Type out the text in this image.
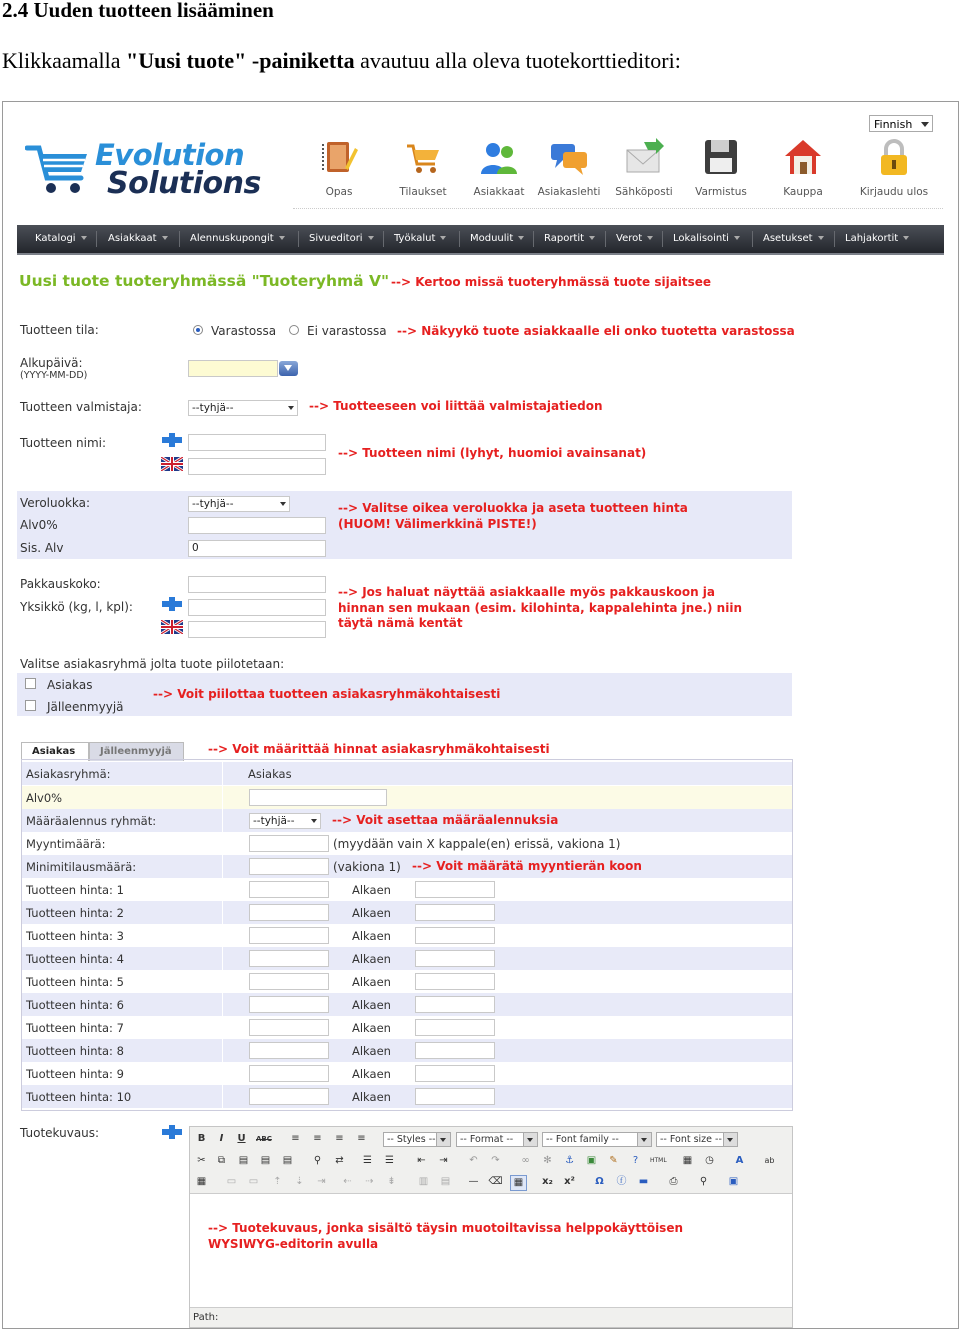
2.4 Uuden tuotteen lisääminen
Klikkaamalla "Uusi tuote" -painiketta avautuu alla oleva tuotekorttieditori:
Evolution
Solutions
Finnish
Opas	Tilaukset	Asiakkaat	Asiakaslehti	Sähköposti	Varmistus	Kauppa	Kirjaudu ulos
Katalogi	Asiakkaat	Alennuskupongit	Sivueditori	Työkalut	Moduulit	Raportit	Verot	Lokalisointi	Asetukset	Lahjakortit
Uusi tuote tuoteryhmässä "Tuoteryhmä V" --> Kertoo missä tuoteryhmässä tuote sijaitsee
Tuotteen tila:	Varastossa	Ei varastossa --> Näkyykö tuote asiakkaalle eli onko tuotetta varastossa
Alkupäivä:
(YYYY-MM-DD)
Tuotteen valmistaja:	--tyhjä--	--> Tuotteeseen voi liittää valmistajatiedon
Tuotteen nimi:
--> Tuotteen nimi (lyhyt, huomioi avainsanat)
Veroluokka:	--tyhjä--
Alv0%
Sis. Alv	0
--> Valitse oikea veroluokka ja aseta tuotteen hinta
(HUOM! Välimerkkinä PISTE!)
Pakkauskoko:
Yksikkö (kg, l, kpl):
--> Jos haluat näyttää asiakkaalle myös pakkauskoon ja
hinnan sen mukaan (esim. kilohinta, kappalehinta jne.) niin
täytä nämä kentät
Valitse asiakasryhmä jolta tuote piilotetaan:
Asiakas
Jälleenmyyjä
--> Voit piilottaa tuotteen asiakasryhmäkohtaisesti
Asiakas	Jälleenmyyjä	--> Voit määrittää hinnat asiakasryhmäkohtaisesti
Asiakasryhmä:	Asiakas
Alv0%
Määräalennus ryhmät:	--tyhjä--	--> Voit asettaa määräalennuksia
Myyntimäärä:	(myydään vain X kappale(en) erissä, vakiona 1)
Minimitilausmäärä:	(vakiona 1) --> Voit määrätä myyntierän koon
Tuotteen hinta: 1	Alkaen
Tuotteen hinta: 2	Alkaen
Tuotteen hinta: 3	Alkaen
Tuotteen hinta: 4	Alkaen
Tuotteen hinta: 5	Alkaen
Tuotteen hinta: 6	Alkaen
Tuotteen hinta: 7	Alkaen
Tuotteen hinta: 8	Alkaen
Tuotteen hinta: 9	Alkaen
Tuotteen hinta: 10	Alkaen
Tuotekuvaus:	B	I	U	ABC	≡	≡	≡	≡	-- Styles --	-- Format --	-- Font family --	-- Font size --
✂	⧉	▤ ▤ ▤	⚲	⇄	☰	☰	⇤	⇥	↶	↷	∞	✻	⚓	▣	✎	?	HTML ▦	◷	A	ab
▦ ▭ ▭	⇡	⇣	⇥	⇠	⇢	⇟	▥ ▤ — ⌫	▦	x₂ x²	Ω	ⓕ ▬	⎙	⚲	▣
--> Tuotekuvaus, jonka sisältö täysin muotoiltavissa helppokäyttöisen
WYSIWYG-editorin avulla
Path:
